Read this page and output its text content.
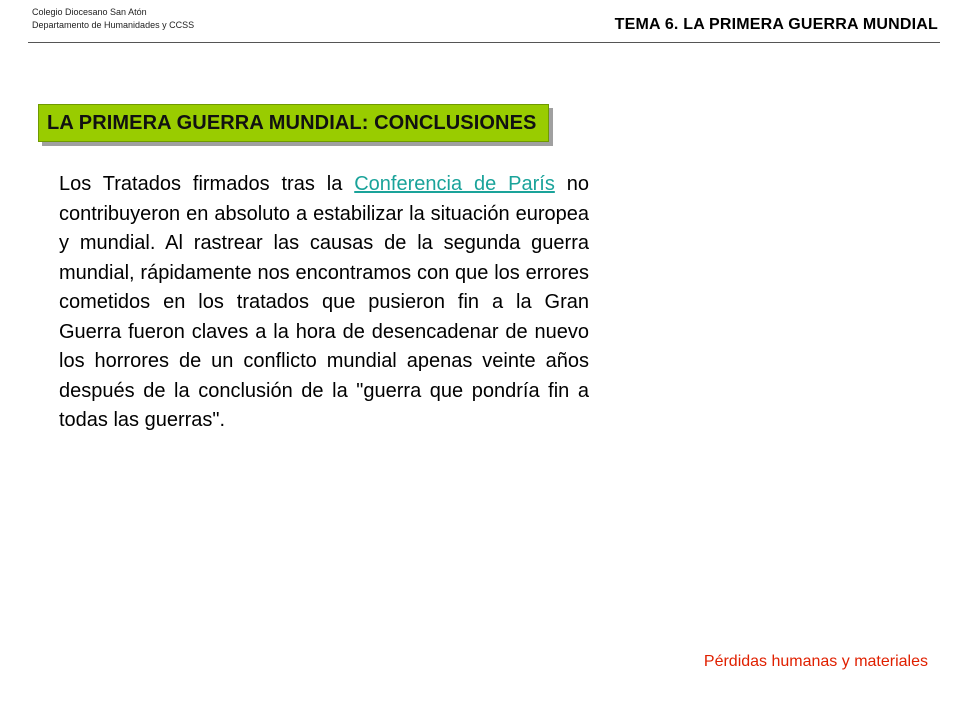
Colegio Diocesano San Atón
Departamento de Humanidades y CCSS	TEMA 6. LA PRIMERA GUERRA MUNDIAL
LA PRIMERA GUERRA MUNDIAL: CONCLUSIONES
Los Tratados firmados tras la Conferencia de París no contribuyeron en absoluto a estabilizar la situación europea y mundial. Al rastrear las causas de la segunda guerra mundial, rápidamente nos encontramos con que los errores cometidos en los tratados que pusieron fin a la Gran Guerra fueron claves a la hora de desencadenar de nuevo los horrores de un conflicto mundial apenas veinte años después de la conclusión de la "guerra que pondría fin a todas las guerras".
Pérdidas humanas y materiales
